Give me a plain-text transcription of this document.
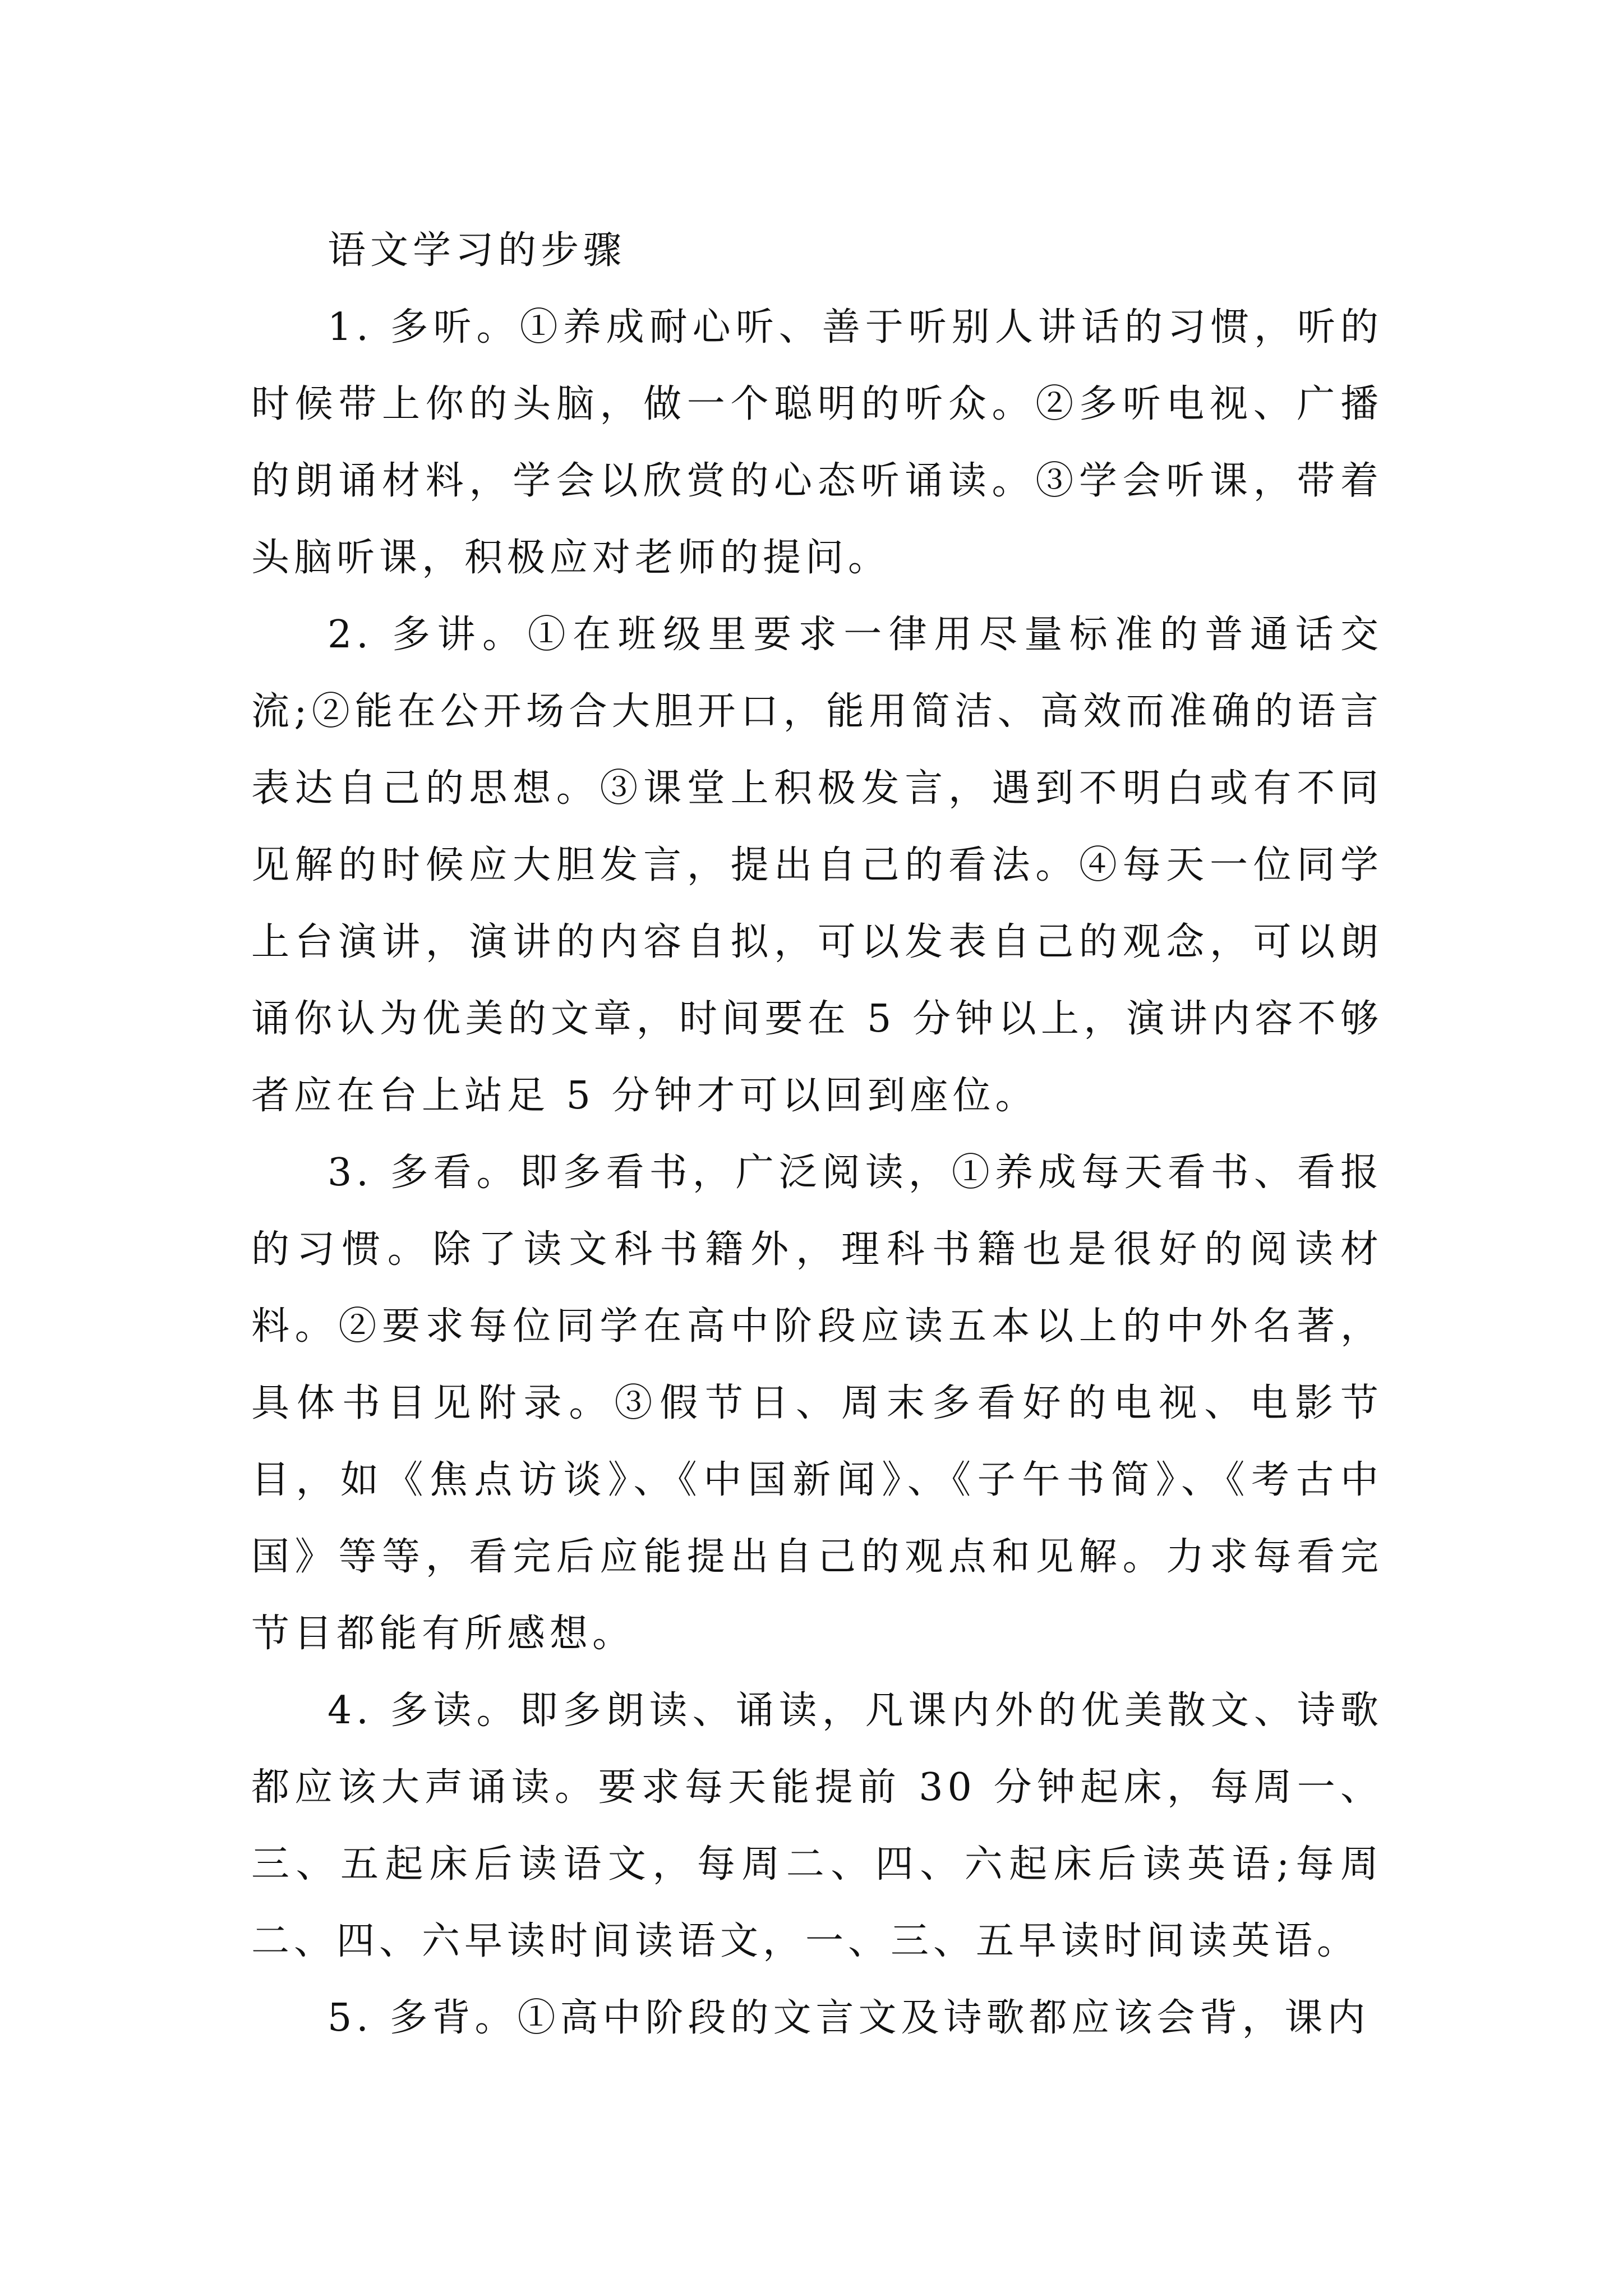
语文学习的步骤

1. 多听。①养成耐心听、善于听别人讲话的习惯，听的时候带上你的头脑，做一个聪明的听众。②多听电视、广播的朗诵材料，学会以欣赏的心态听诵读。③学会听课，带着头脑听课，积极应对老师的提问。

2. 多讲。①在班级里要求一律用尽量标准的普通话交流;②能在公开场合大胆开口，能用简洁、高效而准确的语言表达自己的思想。③课堂上积极发言，遇到不明白或有不同见解的时候应大胆发言，提出自己的看法。④每天一位同学上台演讲，演讲的内容自拟，可以发表自己的观念，可以朗诵你认为优美的文章，时间要在 5 分钟以上，演讲内容不够者应在台上站足 5 分钟才可以回到座位。

3. 多看。即多看书，广泛阅读，①养成每天看书、看报的习惯。除了读文科书籍外，理科书籍也是很好的阅读材料。②要求每位同学在高中阶段应读五本以上的中外名著，具体书目见附录。③假节日、周末多看好的电视、电影节目，如《焦点访谈》、《中国新闻》、《子午书简》、《考古中国》等等，看完后应能提出自己的观点和见解。力求每看完节目都能有所感想。

4. 多读。即多朗读、诵读，凡课内外的优美散文、诗歌都应该大声诵读。要求每天能提前 30 分钟起床，每周一、三、五起床后读语文，每周二、四、六起床后读英语;每周二、四、六早读时间读语文，一、三、五早读时间读英语。

5. 多背。①高中阶段的文言文及诗歌都应该会背，课内
